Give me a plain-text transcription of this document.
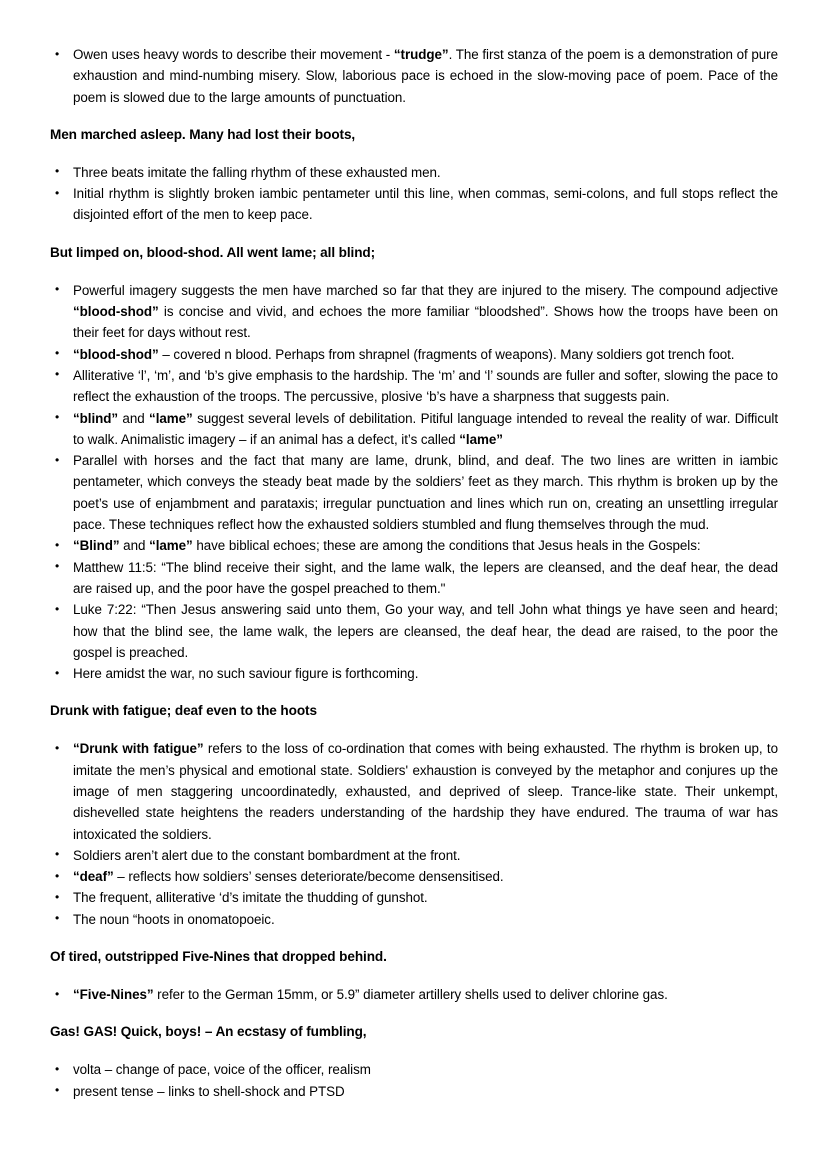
• Owen uses heavy words to describe their movement - “trudge”. The first stanza of the poem is a demonstration of pure exhaustion and mind-numbing misery. Slow, laborious pace is echoed in the slow-moving pace of poem. Pace of the poem is slowed due to the large amounts of punctuation.

Men marched asleep. Many had lost their boots,

• Three beats imitate the falling rhythm of these exhausted men.
• Initial rhythm is slightly broken iambic pentameter until this line, when commas, semi-colons, and full stops reflect the disjointed effort of the men to keep pace.

But limped on, blood-shod. All went lame; all blind;

• Powerful imagery suggests the men have marched so far that they are injured to the misery. The compound adjective “blood-shod” is concise and vivid, and echoes the more familiar “bloodshed”. Shows how the troops have been on their feet for days without rest.
• “blood-shod” – covered n blood. Perhaps from shrapnel (fragments of weapons). Many soldiers got trench foot.
• Alliterative ‘l’, ‘m’, and ‘b’s give emphasis to the hardship. The ‘m’ and ‘l’ sounds are fuller and softer, slowing the pace to reflect the exhaustion of the troops. The percussive, plosive ‘b’s have a sharpness that suggests pain.
• “blind” and “lame” suggest several levels of debilitation. Pitiful language intended to reveal the reality of war. Difficult to walk. Animalistic imagery – if an animal has a defect, it’s called “lame”
• Parallel with horses and the fact that many are lame, drunk, blind, and deaf. The two lines are written in iambic pentameter, which conveys the steady beat made by the soldiers’ feet as they march. This rhythm is broken up by the poet’s use of enjambment and parataxis; irregular punctuation and lines which run on, creating an unsettling irregular pace. These techniques reflect how the exhausted soldiers stumbled and flung themselves through the mud.
• “Blind” and “lame” have biblical echoes; these are among the conditions that Jesus heals in the Gospels:
• Matthew 11:5: “The blind receive their sight, and the lame walk, the lepers are cleansed, and the deaf hear, the dead are raised up, and the poor have the gospel preached to them."
• Luke 7:22: “Then Jesus answering said unto them, Go your way, and tell John what things ye have seen and heard; how that the blind see, the lame walk, the lepers are cleansed, the deaf hear, the dead are raised, to the poor the gospel is preached.
• Here amidst the war, no such saviour figure is forthcoming.

Drunk with fatigue; deaf even to the hoots

• “Drunk with fatigue” refers to the loss of co-ordination that comes with being exhausted. The rhythm is broken up, to imitate the men’s physical and emotional state. Soldiers' exhaustion is conveyed by the metaphor and conjures up the image of men staggering uncoordinatedly, exhausted, and deprived of sleep. Trance-like state. Their unkempt, dishevelled state heightens the readers understanding of the hardship they have endured. The trauma of war has intoxicated the soldiers.
• Soldiers aren’t alert due to the constant bombardment at the front.
• “deaf” – reflects how soldiers’ senses deteriorate/become densensitised.
• The frequent, alliterative ‘d’s imitate the thudding of gunshot.
• The noun “hoots in onomatopoeic.

Of tired, outstripped Five-Nines that dropped behind.

• “Five-Nines” refer to the German 15mm, or 5.9” diameter artillery shells used to deliver chlorine gas.

Gas! GAS! Quick, boys! – An ecstasy of fumbling,

• volta – change of pace, voice of the officer, realism
• present tense – links to shell-shock and PTSD
